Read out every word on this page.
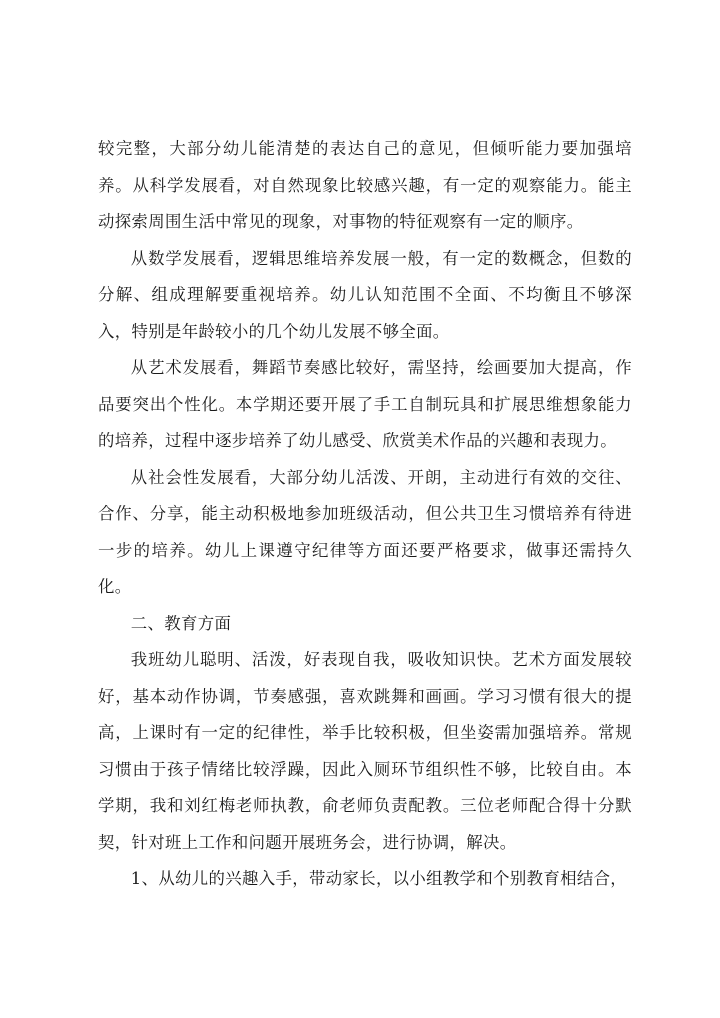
较完整，大部分幼儿能清楚的表达自己的意见，但倾听能力要加强培养。从科学发展看，对自然现象比较感兴趣，有一定的观察能力。能主动探索周围生活中常见的现象，对事物的特征观察有一定的顺序。

从数学发展看，逻辑思维培养发展一般，有一定的数概念，但数的分解、组成理解要重视培养。幼儿认知范围不全面、不均衡且不够深入，特别是年龄较小的几个幼儿发展不够全面。

从艺术发展看，舞蹈节奏感比较好，需坚持，绘画要加大提高，作品要突出个性化。本学期还要开展了手工自制玩具和扩展思维想象能力的培养，过程中逐步培养了幼儿感受、欣赏美术作品的兴趣和表现力。

从社会性发展看，大部分幼儿活泼、开朗，主动进行有效的交往、合作、分享，能主动积极地参加班级活动，但公共卫生习惯培养有待进一步的培养。幼儿上课遵守纪律等方面还要严格要求，做事还需持久化。

二、教育方面

我班幼儿聪明、活泼，好表现自我，吸收知识快。艺术方面发展较好，基本动作协调，节奏感强，喜欢跳舞和画画。学习习惯有很大的提高，上课时有一定的纪律性，举手比较积极，但坐姿需加强培养。常规习惯由于孩子情绪比较浮躁，因此入厕环节组织性不够，比较自由。本学期，我和刘红梅老师执教，俞老师负责配教。三位老师配合得十分默契，针对班上工作和问题开展班务会，进行协调，解决。

1、从幼儿的兴趣入手，带动家长，以小组教学和个别教育相结合，
